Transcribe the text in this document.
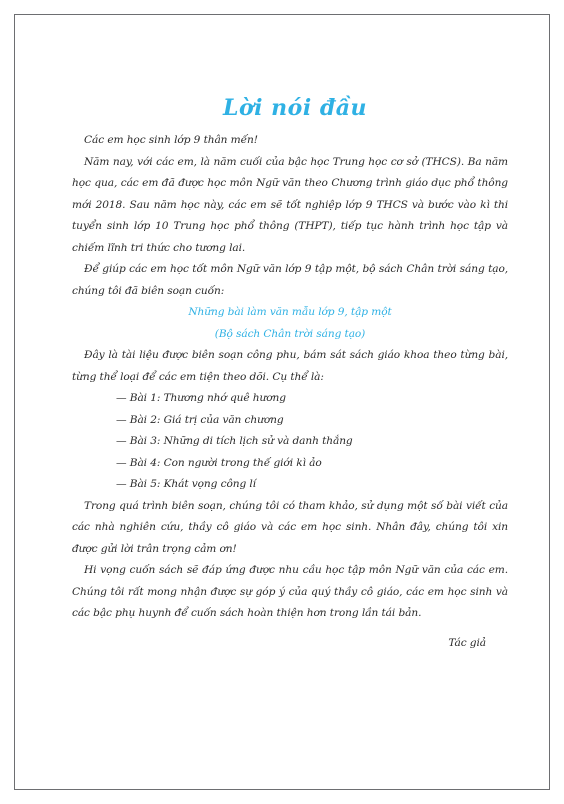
Lời nói đầu

Các em học sinh lớp 9 thân mến!

Năm nay, với các em, là năm cuối của bậc học Trung học cơ sở (THCS). Ba năm học qua, các em đã được học môn Ngữ văn theo Chương trình giáo dục phổ thông mới 2018. Sau năm học này, các em sẽ tốt nghiệp lớp 9 THCS và bước vào kì thi tuyển sinh lớp 10 Trung học phổ thông (THPT), tiếp tục hành trình học tập và chiếm lĩnh tri thức cho tương lai.

Để giúp các em học tốt môn Ngữ văn lớp 9 tập một, bộ sách Chân trời sáng tạo, chúng tôi đã biên soạn cuốn:

Những bài làm văn mẫu lớp 9, tập một

(Bộ sách Chân trời sáng tạo)

Đây là tài liệu được biên soạn công phu, bám sát sách giáo khoa theo từng bài, từng thể loại để các em tiện theo dõi. Cụ thể là:

— Bài 1: Thương nhớ quê hương
— Bài 2: Giá trị của văn chương
— Bài 3: Những di tích lịch sử và danh thắng
— Bài 4: Con người trong thế giới kì ảo
— Bài 5: Khát vọng công lí

Trong quá trình biên soạn, chúng tôi có tham khảo, sử dụng một số bài viết của các nhà nghiên cứu, thầy cô giáo và các em học sinh. Nhân đây, chúng tôi xin được gửi lời trân trọng cảm ơn!

Hi vọng cuốn sách sẽ đáp ứng được nhu cầu học tập môn Ngữ văn của các em. Chúng tôi rất mong nhận được sự góp ý của quý thầy cô giáo, các em học sinh và các bậc phụ huynh để cuốn sách hoàn thiện hơn trong lần tái bản.

Tác giả
